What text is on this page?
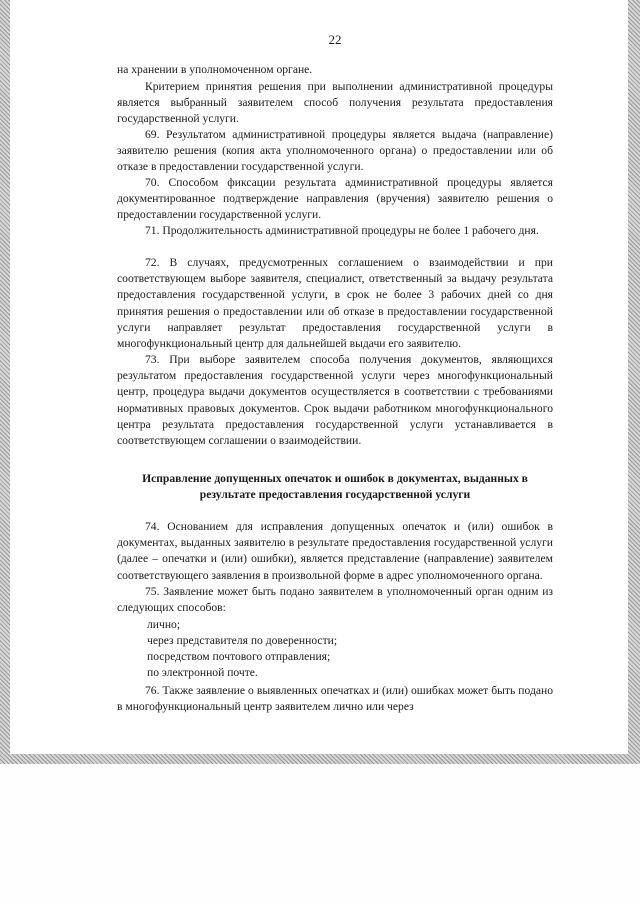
22

на хранении в уполномоченном органе.

Критерием принятия решения при выполнении административной процедуры является выбранный заявителем способ получения результата предоставления государственной услуги.

69. Результатом административной процедуры является выдача (направление) заявителю решения (копия акта уполномоченного органа) о предоставлении или об отказе в предоставлении государственной услуги.

70. Способом фиксации результата административной процедуры является документированное подтверждение направления (вручения) заявителю решения о предоставлении государственной услуги.

71. Продолжительность административной процедуры не более 1 рабочего дня.

72. В случаях, предусмотренных соглашением о взаимодействии и при соответствующем выборе заявителя, специалист, ответственный за выдачу результата предоставления государственной услуги, в срок не более 3 рабочих дней со дня принятия решения о предоставлении или об отказе в предоставлении государственной услуги направляет результат предоставления государственной услуги в многофункциональный центр для дальнейшей выдачи его заявителю.

73. При выборе заявителем способа получения документов, являющихся результатом предоставления государственной услуги через многофункциональный центр, процедура выдачи документов осуществляется в соответствии с требованиями нормативных правовых документов. Срок выдачи работником многофункционального центра результата предоставления государственной услуги устанавливается в соответствующем соглашении о взаимодействии.

Исправление допущенных опечаток и ошибок в документах, выданных в результате предоставления государственной услуги

74. Основанием для исправления допущенных опечаток и (или) ошибок в документах, выданных заявителю в результате предоставления государственной услуги (далее – опечатки и (или) ошибки), является представление (направление) заявителем соответствующего заявления в произвольной форме в адрес уполномоченного органа.

75. Заявление может быть подано заявителем в уполномоченный орган одним из следующих способов:

лично;

через представителя по доверенности;

посредством почтового отправления;

по электронной почте.

76. Также заявление о выявленных опечатках и (или) ошибках может быть подано в многофункциональный центр заявителем лично или через
